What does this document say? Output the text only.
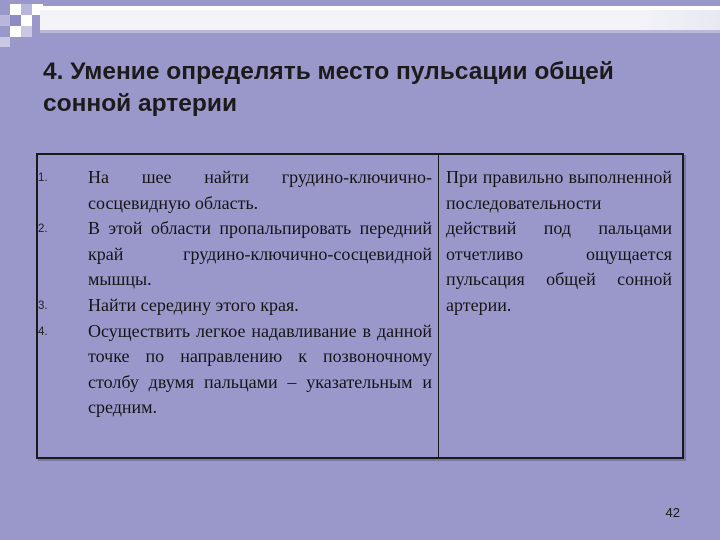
4. Умение определять место пульсации общей сонной артерии
1.	На шее найти грудино-ключично-сосцевидную область.
2.	В этой области пропальпировать передний край грудино-ключично-сосцевидной мышцы.
3.	Найти середину этого края.
4.	Осуществить легкое надавливание в данной точке по направлению к позвоночному столбу двумя пальцами – указательным и средним.
При правильно выполненной последовательности действий под пальцами отчетливо ощущается пульсация общей сонной артерии.
42
